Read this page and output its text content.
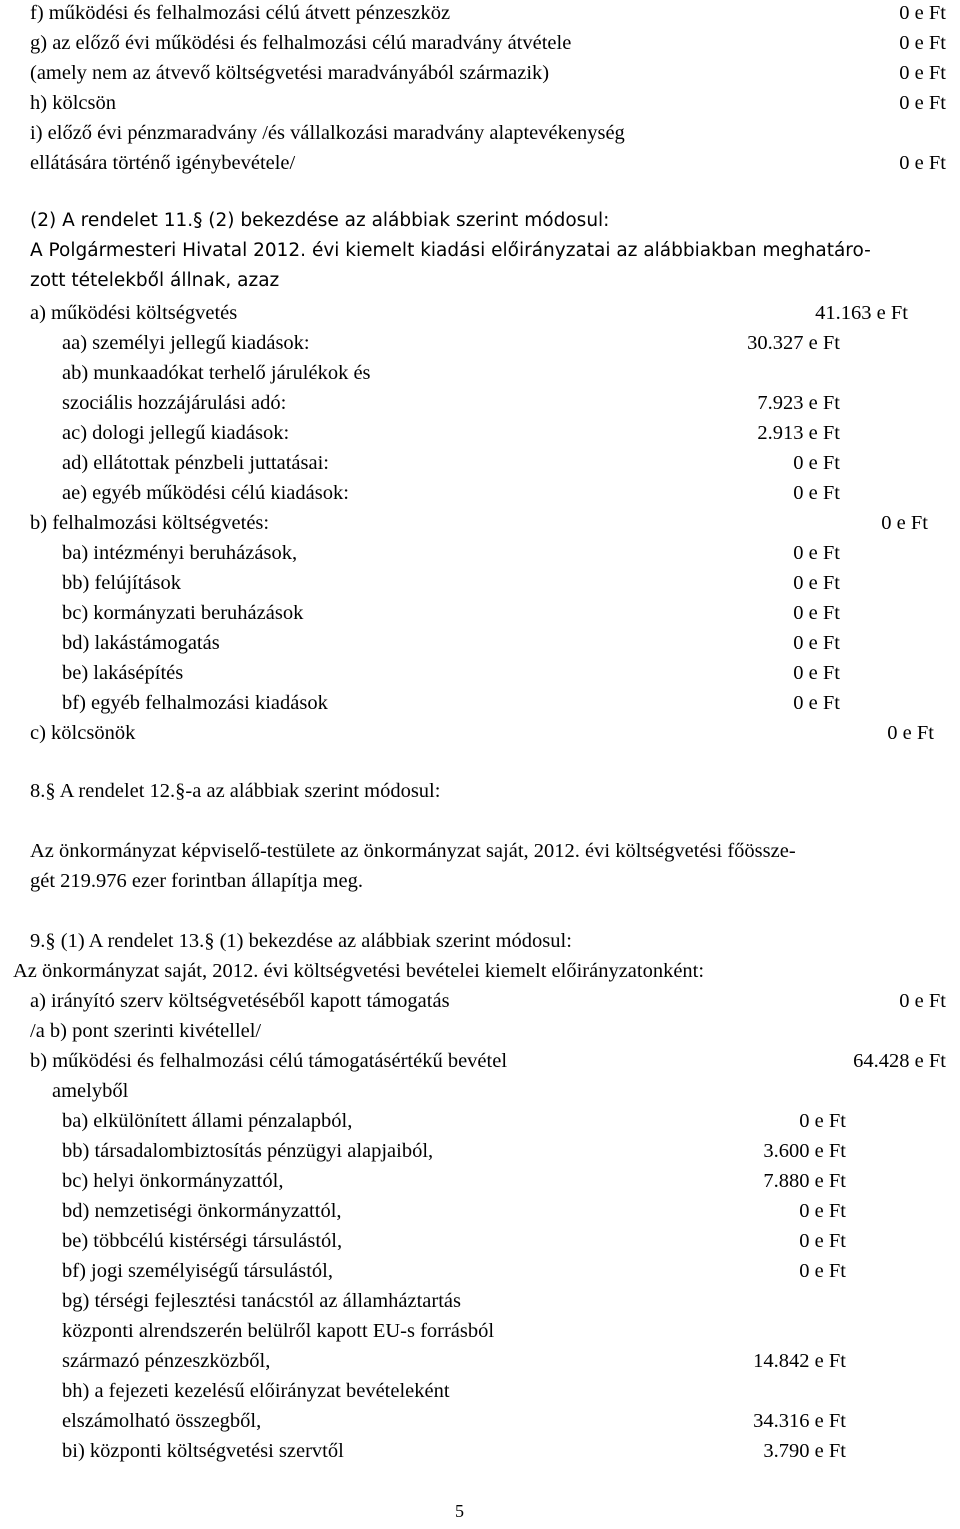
f) működési és felhalmozási célú átvett pénzeszköz	0 e Ft
g) az előző évi működési és felhalmozási célú maradvány átvétele	0 e Ft
(amely nem az átvevő költségvetési maradványából származik)	0 e Ft
h) kölcsön	0 e Ft
i) előző évi pénzmaradvány /és vállalkozási maradvány alaptevékenység
ellátására történő igénybevétele/	0 e Ft
(2) A rendelet 11.§ (2) bekezdése az alábbiak szerint módosul:
A Polgármesteri Hivatal 2012. évi kiemelt kiadási előirányzatai az alábbiakban meghatáro-
zott tételekből állnak, azaz
a) működési költségvetés	41.163 e Ft
aa) személyi jellegű kiadások:	30.327 e Ft
ab) munkaadókat terhelő járulékok és
szociális hozzájárulási adó:	7.923 e Ft
ac) dologi jellegű kiadások:	2.913 e Ft
ad) ellátottak pénzbeli juttatásai:	0 e Ft
ae) egyéb működési célú kiadások:	0 e Ft
b) felhalmozási költségvetés:	0 e Ft
ba) intézményi beruházások,	0 e Ft
bb) felújítások	0 e Ft
bc) kormányzati beruházások	0 e Ft
bd) lakástámogatás	0 e Ft
be) lakásépítés	0 e Ft
bf) egyéb felhalmozási kiadások	0 e Ft
c) kölcsönök	0 e Ft
8.§ A rendelet 12.§-a az alábbiak szerint módosul:
Az önkormányzat képviselő-testülete az önkormányzat saját, 2012. évi költségvetési főössze-
gét 219.976 ezer forintban állapítja meg.
9.§ (1) A rendelet 13.§ (1) bekezdése az alábbiak szerint módosul:
Az önkormányzat saját, 2012. évi költségvetési bevételei kiemelt előirányzatonként:
a) irányító szerv költségvetéséből kapott támogatás	0 e Ft
/a b) pont szerinti kivétellel/
b) működési és felhalmozási célú támogatásértékű bevétel	64.428 e Ft
amelyből
ba) elkülönített állami pénzalapból,	0 e Ft
bb) társadalombiztosítás pénzügyi alapjaiból,	3.600 e Ft
bc) helyi önkormányzattól,	7.880 e Ft
bd) nemzetiségi önkormányzattól,	0 e Ft
be) többcélú kistérségi társulástól,	0 e Ft
bf) jogi személyiségű társulástól,	0 e Ft
bg) térségi fejlesztési tanácstól az államháztartás
központi alrendszerén belülről kapott EU-s forrásból
származó pénzeszközből,	14.842 e Ft
bh) a fejezeti kezelésű előirányzat bevételeként
elszámolható összegből,	34.316 e Ft
bi) központi költségvetési szervtől	3.790 e Ft
5
